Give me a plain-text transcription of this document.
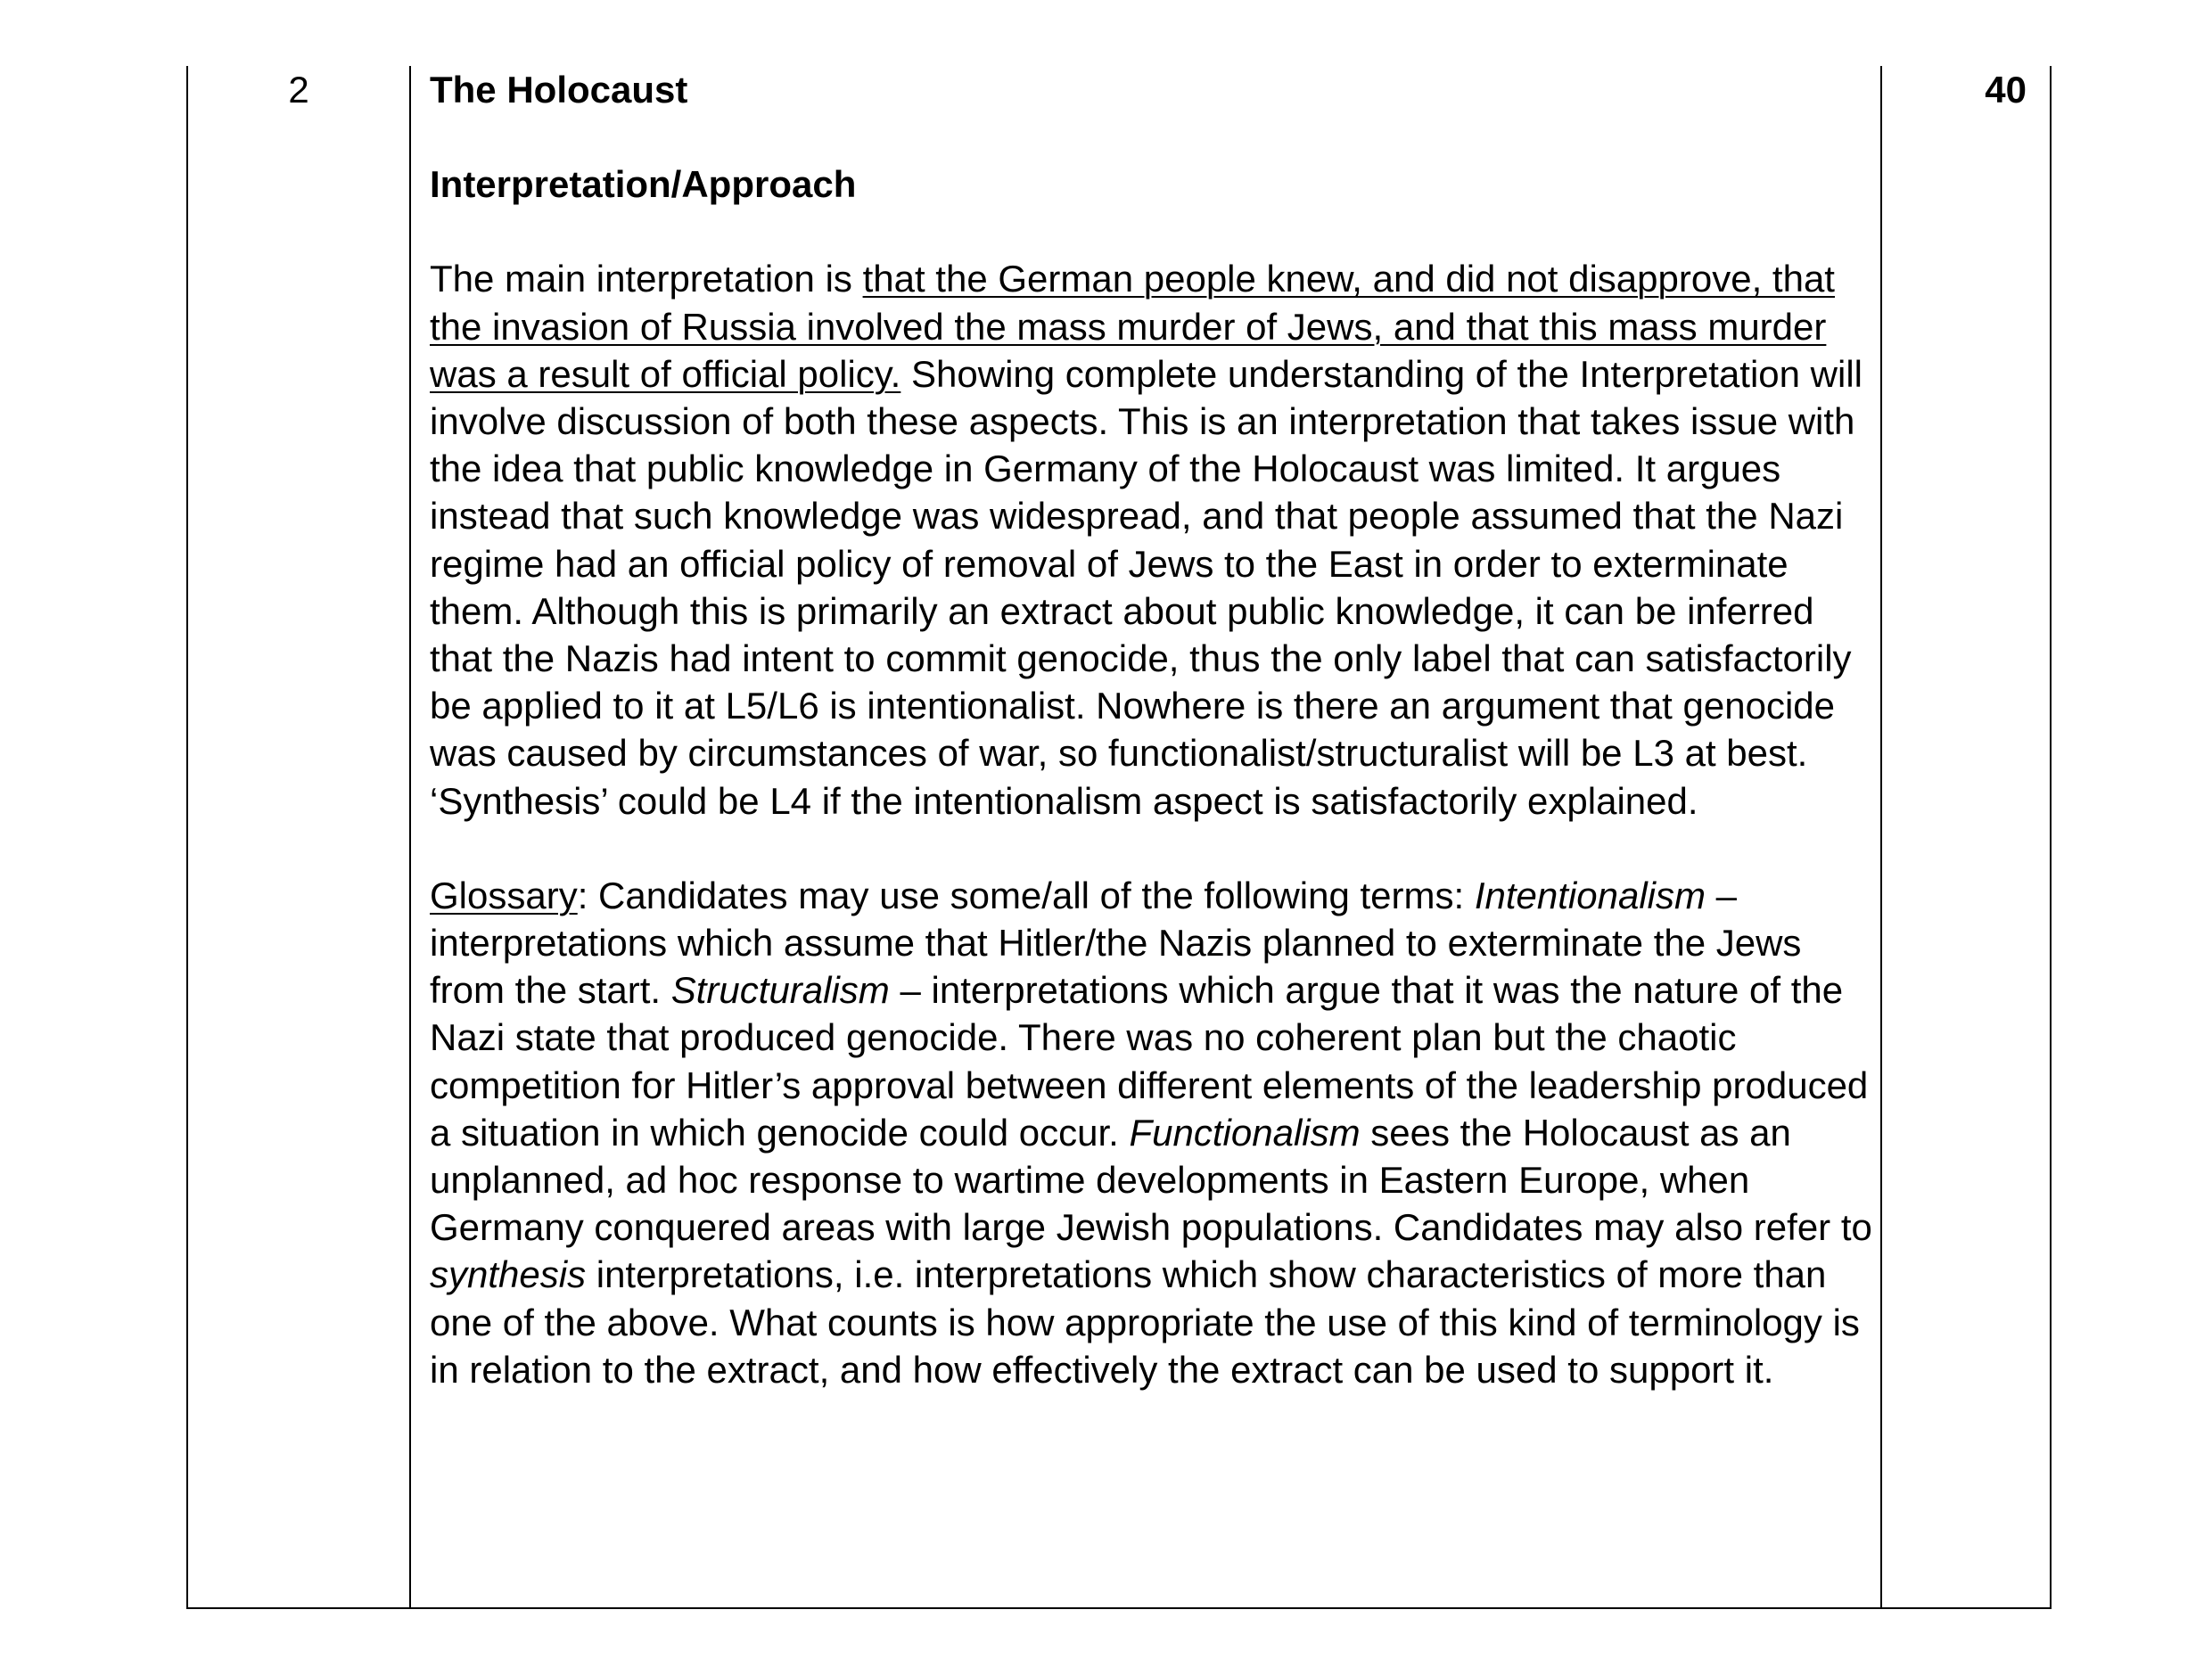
2	The Holocaust

Interpretation/Approach

The main interpretation is that the German people knew, and did not disapprove, that the invasion of Russia involved the mass murder of Jews, and that this mass murder was a result of official policy. Showing complete understanding of the Interpretation will involve discussion of both these aspects. This is an interpretation that takes issue with the idea that public knowledge in Germany of the Holocaust was limited. It argues instead that such knowledge was widespread, and that people assumed that the Nazi regime had an official policy of removal of Jews to the East in order to exterminate them. Although this is primarily an extract about public knowledge, it can be inferred that the Nazis had intent to commit genocide, thus the only label that can satisfactorily be applied to it at L5/L6 is intentionalist. Nowhere is there an argument that genocide was caused by circumstances of war, so functionalist/structuralist will be L3 at best. ‘Synthesis’ could be L4 if the intentionalism aspect is satisfactorily explained.

Glossary: Candidates may use some/all of the following terms: Intentionalism – interpretations which assume that Hitler/the Nazis planned to exterminate the Jews from the start. Structuralism – interpretations which argue that it was the nature of the Nazi state that produced genocide. There was no coherent plan but the chaotic competition for Hitler’s approval between different elements of the leadership produced a situation in which genocide could occur. Functionalism sees the Holocaust as an unplanned, ad hoc response to wartime developments in Eastern Europe, when Germany conquered areas with large Jewish populations. Candidates may also refer to synthesis interpretations, i.e. interpretations which show characteristics of more than one of the above. What counts is how appropriate the use of this kind of terminology is in relation to the extract, and how effectively the extract can be used to support it.

40
